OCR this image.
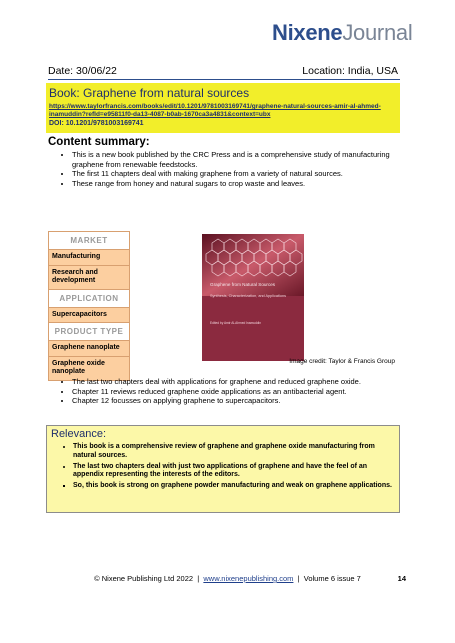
NixeneJournal
Date: 30/06/22	Location: India, USA
Book: Graphene from natural sources
https://www.taylorfrancis.com/books/edit/10.1201/9781003169741/graphene-natural-sources-amir-al-ahmed-inamuddin?refId=e95811f0-da13-4087-b0ab-1670ca3a4831&context=ubx
DOI: 10.1201/9781003169741
Content summary:
• This is a new book published by the CRC Press and is a comprehensive study of manufacturing graphene from renewable feedstocks.
• The first 11 chapters deal with making graphene from a variety of natural sources.
• These range from honey and natural sugars to crop waste and leaves.
MARKET
Manufacturing
Research and development
APPLICATION
Supercapacitors
PRODUCT TYPE
Graphene nanoplate
Graphene oxide nanoplate
Graphene from Natural Sources
Synthesis, Characterization, and Applications
Edited by Amir Al-Ahmed Inamuddin
Image credit: Taylor & Francis Group
• The last two chapters deal with applications for graphene and reduced graphene oxide.
• Chapter 11 reviews reduced graphene oxide applications as an antibacterial agent.
• Chapter 12 focusses on applying graphene to supercapacitors.
Relevance:
• This book is a comprehensive review of graphene and graphene oxide manufacturing from natural sources.
• The last two chapters deal with just two applications of graphene and have the feel of an appendix representing the interests of the editors.
▪ So, this book is strong on graphene powder manufacturing and weak on graphene applications.
© Nixene Publishing Ltd 2022 | www.nixenepublishing.com | Volume 6 issue 7	14
